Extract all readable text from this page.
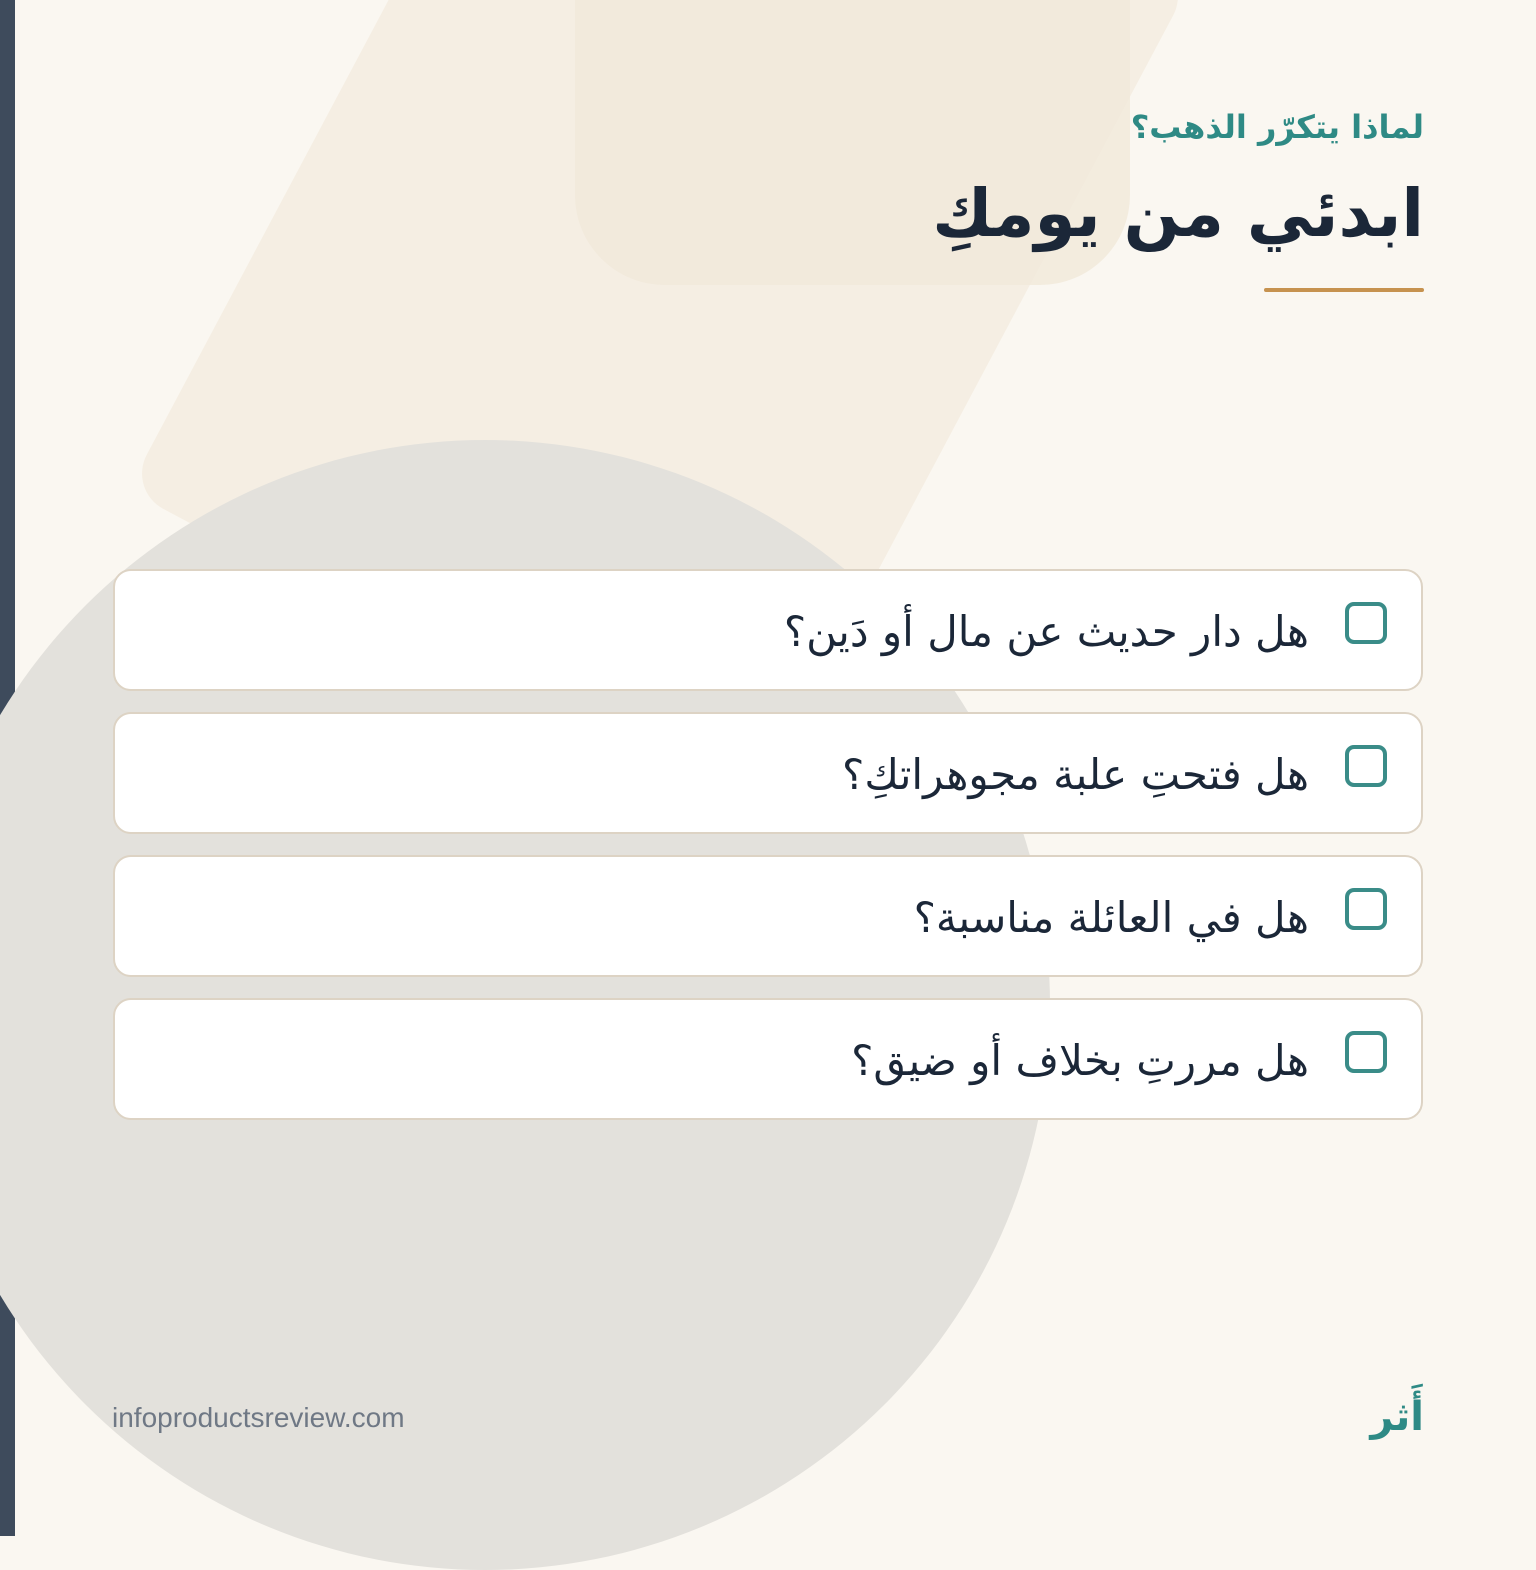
لماذا يتكرّر الذهب؟
ابدئي من يومكِ
هل دار حديث عن مال أو دَين؟
هل فتحتِ علبة مجوهراتكِ؟
هل في العائلة مناسبة؟
هل مررتِ بخلاف أو ضيق؟
infoproductsreview.com	أَثر
